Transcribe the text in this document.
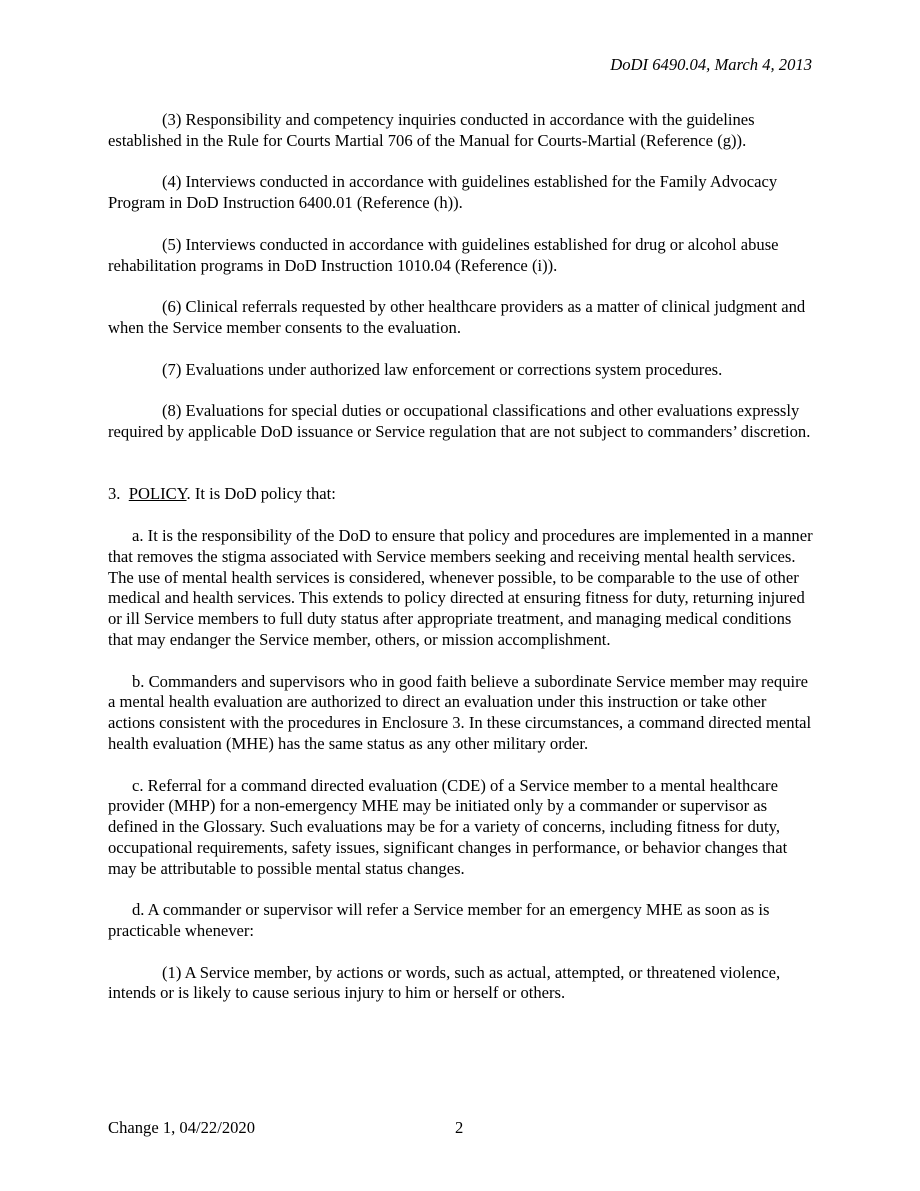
DoDI 6490.04, March 4, 2013

(3) Responsibility and competency inquiries conducted in accordance with the guidelines established in the Rule for Courts Martial 706 of the Manual for Courts-Martial (Reference (g)).

(4) Interviews conducted in accordance with guidelines established for the Family Advocacy Program in DoD Instruction 6400.01 (Reference (h)).

(5) Interviews conducted in accordance with guidelines established for drug or alcohol abuse rehabilitation programs in DoD Instruction 1010.04 (Reference (i)).

(6) Clinical referrals requested by other healthcare providers as a matter of clinical judgment and when the Service member consents to the evaluation.

(7) Evaluations under authorized law enforcement or corrections system procedures.

(8) Evaluations for special duties or occupational classifications and other evaluations expressly required by applicable DoD issuance or Service regulation that are not subject to commanders’ discretion.

3. POLICY. It is DoD policy that:

a. It is the responsibility of the DoD to ensure that policy and procedures are implemented in a manner that removes the stigma associated with Service members seeking and receiving mental health services. The use of mental health services is considered, whenever possible, to be comparable to the use of other medical and health services. This extends to policy directed at ensuring fitness for duty, returning injured or ill Service members to full duty status after appropriate treatment, and managing medical conditions that may endanger the Service member, others, or mission accomplishment.

b. Commanders and supervisors who in good faith believe a subordinate Service member may require a mental health evaluation are authorized to direct an evaluation under this instruction or take other actions consistent with the procedures in Enclosure 3. In these circumstances, a command directed mental health evaluation (MHE) has the same status as any other military order.

c. Referral for a command directed evaluation (CDE) of a Service member to a mental healthcare provider (MHP) for a non-emergency MHE may be initiated only by a commander or supervisor as defined in the Glossary. Such evaluations may be for a variety of concerns, including fitness for duty, occupational requirements, safety issues, significant changes in performance, or behavior changes that may be attributable to possible mental status changes.

d. A commander or supervisor will refer a Service member for an emergency MHE as soon as is practicable whenever:

(1) A Service member, by actions or words, such as actual, attempted, or threatened violence, intends or is likely to cause serious injury to him or herself or others.

Change 1, 04/22/2020	2
